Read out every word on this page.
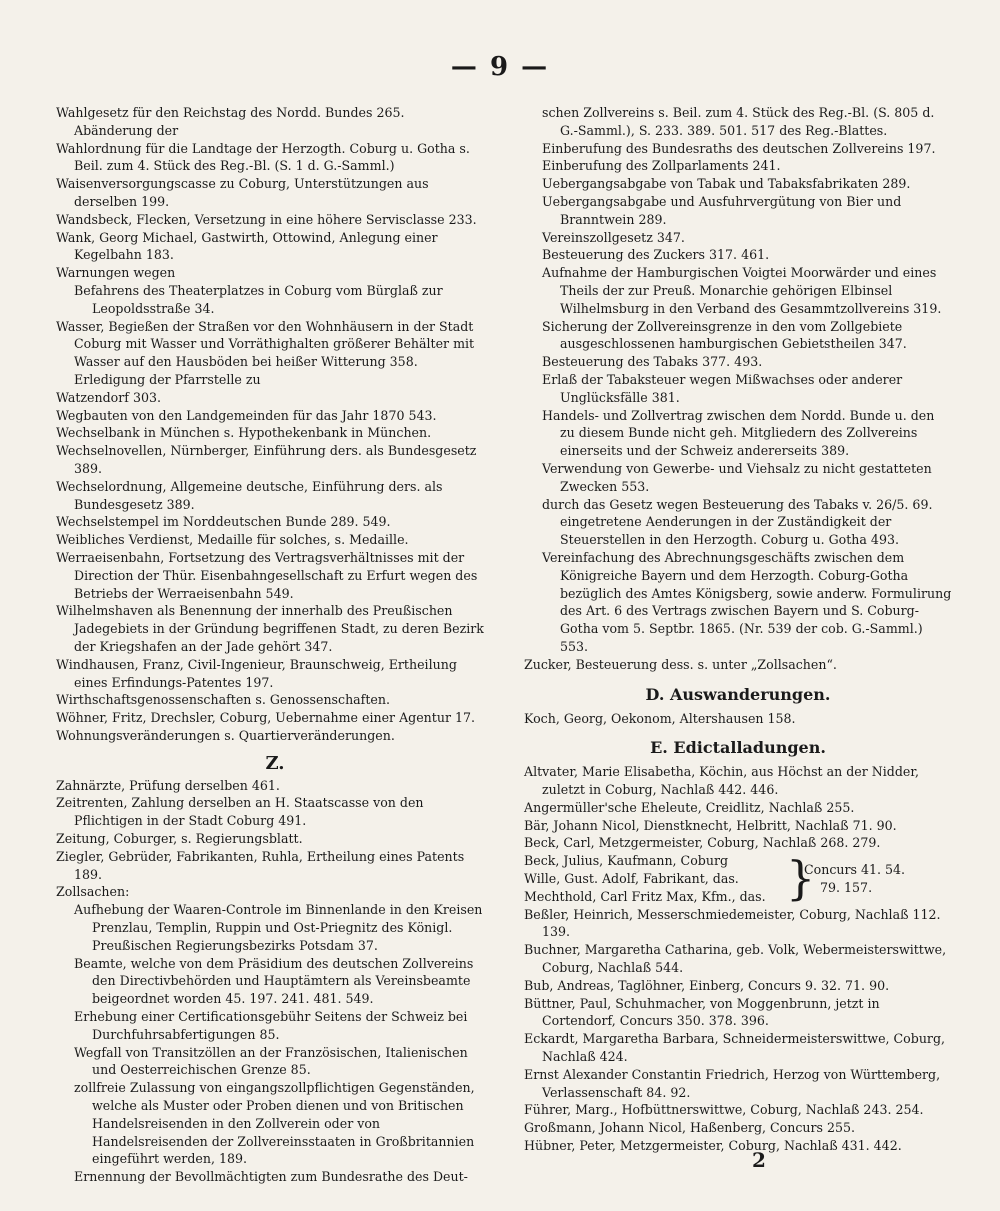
— 9 —
Wahlgesetz für den Reichstag des Nordd. Bundes 265.
Abänderung der
Wahlordnung für die Landtage der Herzogth. Coburg u. Gotha s. Beil. zum 4. Stück des Reg.-Bl. (S. 1 d. G.-Samml.)
Waisenversorgungscasse zu Coburg, Unterstützungen aus derselben 199.
Wandsbeck, Flecken, Versetzung in eine höhere Servisclasse 233.
Wank, Georg Michael, Gastwirth, Ottowind, Anlegung einer Kegelbahn 183.
Warnungen wegen
Befahrens des Theaterplatzes in Coburg vom Bürglaß zur Leopoldsstraße 34.
Wasser, Begießen der Straßen vor den Wohnhäusern in der Stadt Coburg mit Wasser und Vorräthighalten größerer Behälter mit Wasser auf den Hausböden bei heißer Witterung 358.
Erledigung der Pfarrstelle zu
Watzendorf 303.
Wegbauten von den Landgemeinden für das Jahr 1870 543.
Wechselbank in München s. Hypothekenbank in München.
Wechselnovellen, Nürnberger, Einführung ders. als Bundesgesetz 389.
Wechselordnung, Allgemeine deutsche, Einführung ders. als Bundesgesetz 389.
Wechselstempel im Norddeutschen Bunde 289. 549.
Weibliches Verdienst, Medaille für solches, s. Medaille.
Werraeisenbahn, Fortsetzung des Vertragsverhältnisses mit der Direction der Thür. Eisenbahngesellschaft zu Erfurt wegen des Betriebs der Werraeisenbahn 549.
Wilhelmshaven als Benennung der innerhalb des Preußischen Jadegebiets in der Gründung begriffenen Stadt, zu deren Bezirk der Kriegshafen an der Jade gehört 347.
Windhausen, Franz, Civil-Ingenieur, Braunschweig, Ertheilung eines Erfindungs-Patentes 197.
Wirthschaftsgenossenschaften s. Genossenschaften.
Wöhner, Fritz, Drechsler, Coburg, Uebernahme einer Agentur 17.
Wohnungsveränderungen s. Quartierveränderungen.
Z.
Zahnärzte, Prüfung derselben 461.
Zeitrenten, Zahlung derselben an H. Staatscasse von den Pflichtigen in der Stadt Coburg 491.
Zeitung, Coburger, s. Regierungsblatt.
Ziegler, Gebrüder, Fabrikanten, Ruhla, Ertheilung eines Patents 189.
Zollsachen:
Aufhebung der Waaren-Controle im Binnenlande in den Kreisen Prenzlau, Templin, Ruppin und Ost-Priegnitz des Königl. Preußischen Regierungsbezirks Potsdam 37.
Beamte, welche von dem Präsidium des deutschen Zollvereins den Directivbehörden und Hauptämtern als Vereinsbeamte beigeordnet worden 45. 197. 241. 481. 549.
Erhebung einer Certificationsgebühr Seitens der Schweiz bei Durchfuhrsabfertigungen 85.
Wegfall von Transitzöllen an der Französischen, Italienischen und Oesterreichischen Grenze 85.
zollfreie Zulassung von eingangszollpflichtigen Gegenständen, welche als Muster oder Proben dienen und von Britischen Handelsreisenden in den Zollverein oder von Handelsreisenden der Zollvereinsstaaten in Großbritannien eingeführt werden, 189.
Ernennung der Bevollmächtigten zum Bundesrathe des Deut-
schen Zollvereins s. Beil. zum 4. Stück des Reg.-Bl. (S. 805 d. G.-Samml.), S. 233. 389. 501. 517 des Reg.-Blattes.
Einberufung des Bundesraths des deutschen Zollvereins 197.
Einberufung des Zollparlaments 241.
Uebergangsabgabe von Tabak und Tabaksfabrikaten 289.
Uebergangsabgabe und Ausfuhrvergütung von Bier und Branntwein 289.
Vereinszollgesetz 347.
Besteuerung des Zuckers 317. 461.
Aufnahme der Hamburgischen Voigtei Moorwärder und eines Theils der zur Preuß. Monarchie gehörigen Elbinsel Wilhelmsburg in den Verband des Gesammtzollvereins 319.
Sicherung der Zollvereinsgrenze in den vom Zollgebiete ausgeschlossenen hamburgischen Gebietstheilen 347.
Besteuerung des Tabaks 377. 493.
Erlaß der Tabaksteuer wegen Mißwachses oder anderer Unglücksfälle 381.
Handels- und Zollvertrag zwischen dem Nordd. Bunde u. den zu diesem Bunde nicht geh. Mitgliedern des Zollvereins einerseits und der Schweiz andererseits 389.
Verwendung von Gewerbe- und Viehsalz zu nicht gestatteten Zwecken 553.
durch das Gesetz wegen Besteuerung des Tabaks v. 26/5. 69. eingetretene Aenderungen in der Zuständigkeit der Steuerstellen in den Herzogth. Coburg u. Gotha 493.
Vereinfachung des Abrechnungsgeschäfts zwischen dem Königreiche Bayern und dem Herzogth. Coburg-Gotha bezüglich des Amtes Königsberg, sowie anderw. Formulirung des Art. 6 des Vertrags zwischen Bayern und S. Coburg-Gotha vom 5. Septbr. 1865. (Nr. 539 der cob. G.-Samml.) 553.
Zucker, Besteuerung dess. s. unter „Zollsachen“.
D. Auswanderungen.
Koch, Georg, Oekonom, Altershausen 158.
E. Edictalladungen.
Altvater, Marie Elisabetha, Köchin, aus Höchst an der Nidder, zuletzt in Coburg, Nachlaß 442. 446.
Angermüller'sche Eheleute, Creidlitz, Nachlaß 255.
Bär, Johann Nicol, Dienstknecht, Helbritt, Nachlaß 71. 90.
Beck, Carl, Metzgermeister, Coburg, Nachlaß 268. 279.
Beck, Julius, Kaufmann, Coburg
Wille, Gust. Adolf, Fabrikant, das.
Mechthold, Carl Fritz Max, Kfm., das. }
Concurs 41. 54.
79. 157.
Beßler, Heinrich, Messerschmiedemeister, Coburg, Nachlaß 112. 139.
Buchner, Margaretha Catharina, geb. Volk, Webermeisterswittwe, Coburg, Nachlaß 544.
Bub, Andreas, Taglöhner, Einberg, Concurs 9. 32. 71. 90.
Büttner, Paul, Schuhmacher, von Moggenbrunn, jetzt in Cortendorf, Concurs 350. 378. 396.
Eckardt, Margaretha Barbara, Schneidermeisterswittwe, Coburg, Nachlaß 424.
Ernst Alexander Constantin Friedrich, Herzog von Württemberg, Verlassenschaft 84. 92.
Führer, Marg., Hofbüttnerswittwe, Coburg, Nachlaß 243. 254.
Großmann, Johann Nicol, Haßenberg, Concurs 255.
Hübner, Peter, Metzgermeister, Coburg, Nachlaß 431. 442.
2
